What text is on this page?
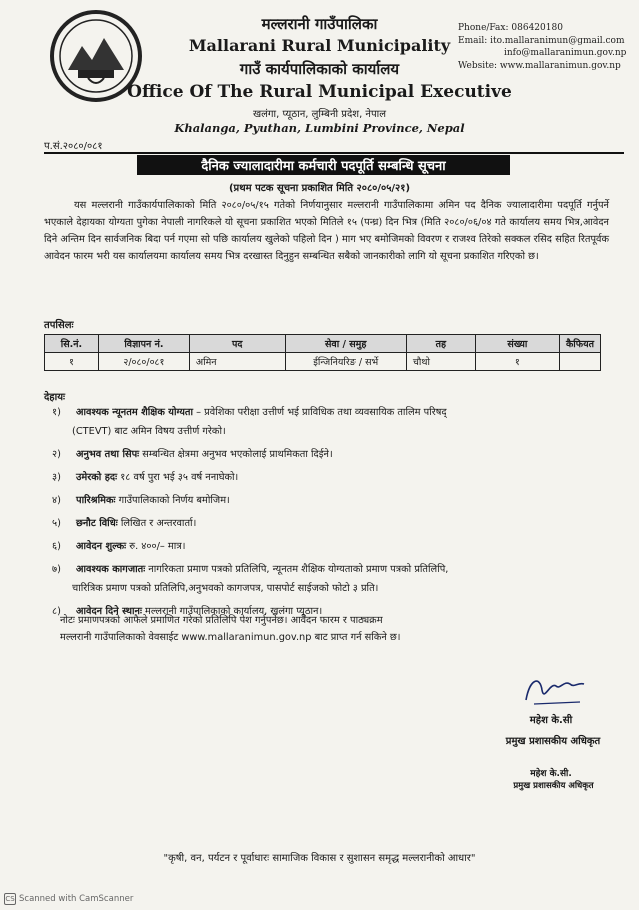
मल्लरानी गाउँपालिका
Mallarani Rural Municipality
गाउँ कार्यपालिकाको कार्यालय
Office Of The Rural Municipal Executive
खलंगा, प्यूठान, लुम्बिनी प्रदेश, नेपाल
Khalanga, Pyuthan, Lumbini Province, Nepal
Phone/Fax: 086420180
Email: ito.mallaranimun@gmail.com
info@mallaranimun.gov.np
Website: www.mallaranimun.gov.np
प.सं.२०८०/०८१
दैनिक ज्यालादारीमा कर्मचारी पदपूर्ति सम्बन्धि सूचना
(प्रथम पटक सूचना प्रकाशित मिति २०८०/०५/२१)
यस मल्लरानी गाउँकार्यपालिकाको मिति २०८०/०५/१५ गतेको निर्णयानुसार मल्लरानी गाउँपालिकामा अमिन पद दैनिक ज्यालादारीमा पदपूर्ति गर्नुपर्ने भएकाले देहायका योग्यता पुगेका नेपाली नागरिकले यो सूचना प्रकाशित भएको मितिले १५ (पन्ध्र) दिन भित्र (मिति २०८०/०६/०४ गते कार्यालय समय भित्र,आवेदन दिने अन्तिम दिन सार्वजनिक बिदा पर्न गएमा सो पछि कार्यालय खुलेको पहिलो दिन ) माग भए बमोजिमको विवरण र राजश्‍व तिरेको सक्कल रसिद सहित रितपूर्वक आवेदन फारम भरी यस कार्यालयमा कार्यालय समय भित्र दरखास्त दिनुहुन सम्बन्धित सबैको जानकारीको लागि यो सूचना प्रकाशित गरिएको छ।
तपसिलः
सि.नं.	विज्ञापन नं.	पद	सेवा / समुह	तह	संख्या	कैफियत
१	२/०८०/०८१	अमिन	ईन्जिनियरिङ / सर्भे	चौथो	१	
देहायः
१)	आवश्यक न्यूनतम शैक्षिक योग्यता – प्रवेशिका परीक्षा उत्तीर्ण भई प्राविधिक तथा व्यवसायिक तालिम परिषद्
(CTEVT) बाट अमिन विषय उत्तीर्ण गरेको।
२)	अनुभव तथा सिपः सम्बन्धित क्षेत्रमा अनुभव भएकोलाई प्राथमिकता दिईने।
३)	उमेरको हदः १८ वर्ष पुरा भई ३५ वर्ष ननाघेको।
४)	पारिश्रमिकः गाउँपालिकाको निर्णय बमोजिम।
५)	छनौट विधिः लिखित र अन्तरवार्ता।
६)	आवेदन शुल्कः रु. ४००/– मात्र।
७)	आवश्यक कागजातः नागरिकता प्रमाण पत्रको प्रतिलिपि, न्यूनतम शैक्षिक योग्यताको प्रमाण पत्रको प्रतिलिपि,
चारित्रिक प्रमाण पत्रको प्रतिलिपि,अनुभवको कागजपत्र, पासपोर्ट साईजको फोटो ३ प्रति।
८)	आवेदन दिने स्थानः मल्लरानी गाउँपालिकाको कार्यालय, खलंगा प्यूठान।
नोटः प्रमाणपत्रको आफैले प्रमाणित गरेको प्रतिलिपि पेश गर्नुपर्नेछ। आवेदन फारम र पाठ्यक्रम
मल्लरानी गाउँपालिकाको वेवसाईट www.mallaranimun.gov.np बाट प्राप्त गर्न सकिने छ।
महेश के.सी
प्रमुख प्रशासकीय अधिकृत
महेश के.सी.
प्रमुख प्रशासकीय अधिकृत
"कृषी, वन, पर्यटन र पूर्वाधारः सामाजिक विकास र सुशासन समृद्ध मल्लरानीको आधार"
CS Scanned with CamScanner
